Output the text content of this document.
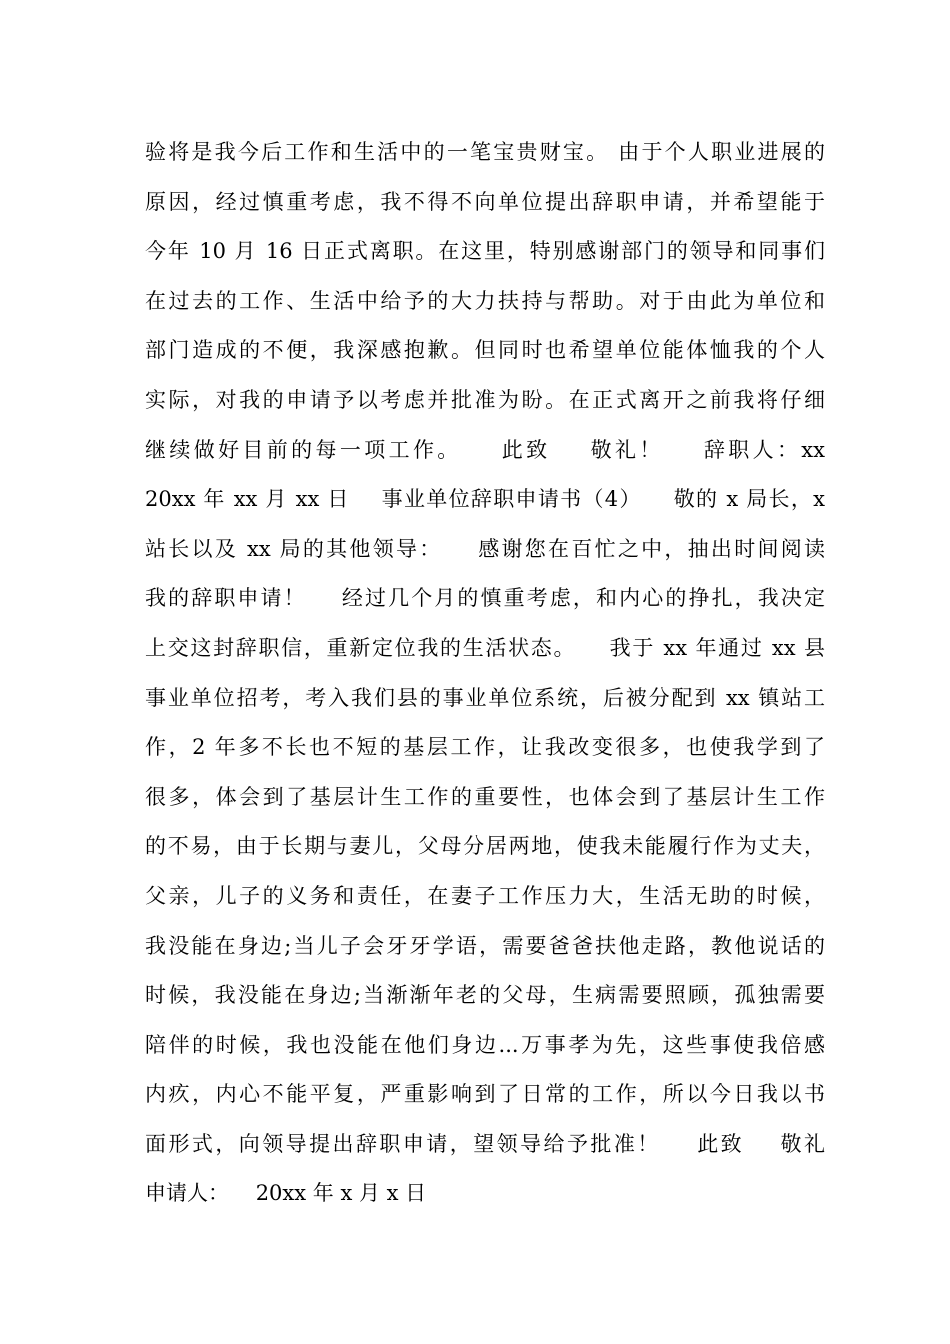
验将是我今后工作和生活中的一笔宝贵财宝。 由于个人职业进展的
原因，经过慎重考虑，我不得不向单位提出辞职申请，并希望能于
今年 10 月 16 日正式离职。在这里，特别感谢部门的领导和同事们
在过去的工作、生活中给予的大力扶持与帮助。对于由此为单位和
部门造成的不便，我深感抱歉。但同时也希望单位能体恤我的个人
实际，对我的申请予以考虑并批准为盼。在正式离开之前我将仔细
继续做好目前的每一项工作。    此致    敬礼！    辞职人：xx
20xx 年 xx 月 xx 日    事业单位辞职申请书（4）    敬的 x 局长，x
站长以及 xx 局的其他领导：    感谢您在百忙之中，抽出时间阅读
我的辞职申请！    经过几个月的慎重考虑，和内心的挣扎，我决定
上交这封辞职信，重新定位我的生活状态。    我于 xx 年通过 xx 县
事业单位招考，考入我们县的事业单位系统，后被分配到 xx 镇站工
作，2 年多不长也不短的基层工作，让我改变很多，也使我学到了
很多，体会到了基层计生工作的重要性，也体会到了基层计生工作
的不易，由于长期与妻儿，父母分居两地，使我未能履行作为丈夫，
父亲，儿子的义务和责任，在妻子工作压力大，生活无助的时候，
我没能在身边;当儿子会牙牙学语，需要爸爸扶他走路，教他说话的
时候，我没能在身边;当渐渐年老的父母，生病需要照顾，孤独需要
陪伴的时候，我也没能在他们身边...万事孝为先，这些事使我倍感
内疚，内心不能平复，严重影响到了日常的工作，所以今日我以书
面形式，向领导提出辞职申请，望领导给予批准！    此致    敬礼
申请人：    20xx 年 x 月 x 日
